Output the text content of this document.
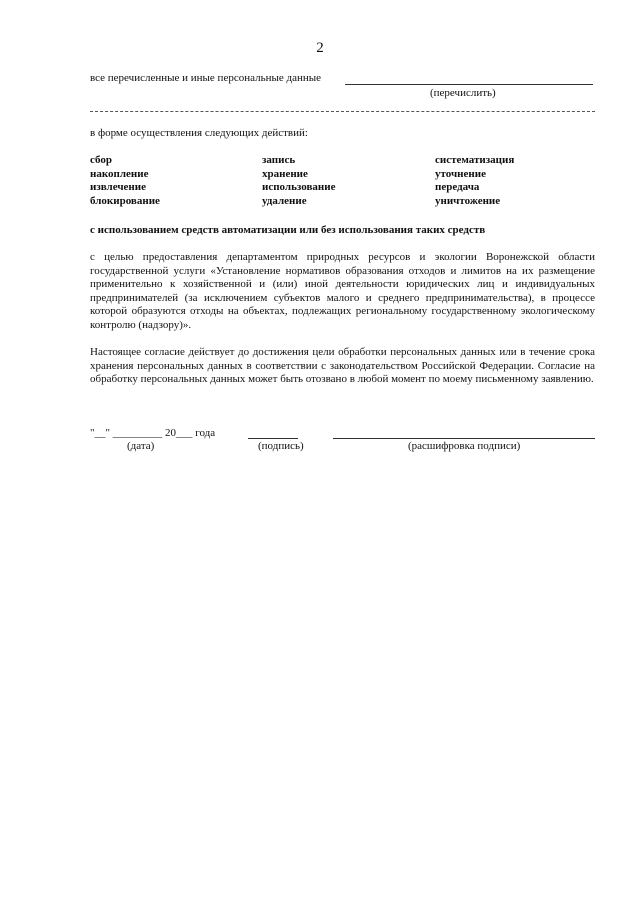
2
все перечисленные и иные персональные данные
(перечислить)
в форме осуществления следующих действий:
сбор	запись	систематизация
накопление	хранение	уточнение
извлечение	использование	передача
блокирование	удаление	уничтожение
с использованием средств автоматизации или без использования таких средств
с целью предоставления департаментом природных ресурсов и экологии Воронежской области государственной услуги «Установление нормативов образования отходов и лимитов на их размещение применительно к хозяйственной и (или) иной деятельности юридических лиц и индивидуальных предпринимателей (за исключением субъектов малого и среднего предпринимательства), в процессе которой образуются отходы на объектах, подлежащих региональному государственному экологическому контролю (надзору)».
Настоящее согласие действует до достижения цели обработки персональных данных или в течение срока хранения персональных данных в соответствии с законодательством Российской Федерации. Согласие на обработку персональных данных может быть отозвано в любой момент по моему письменному заявлению.
"__" _________ 20___ года
(дата)	(подпись)	(расшифровка подписи)
